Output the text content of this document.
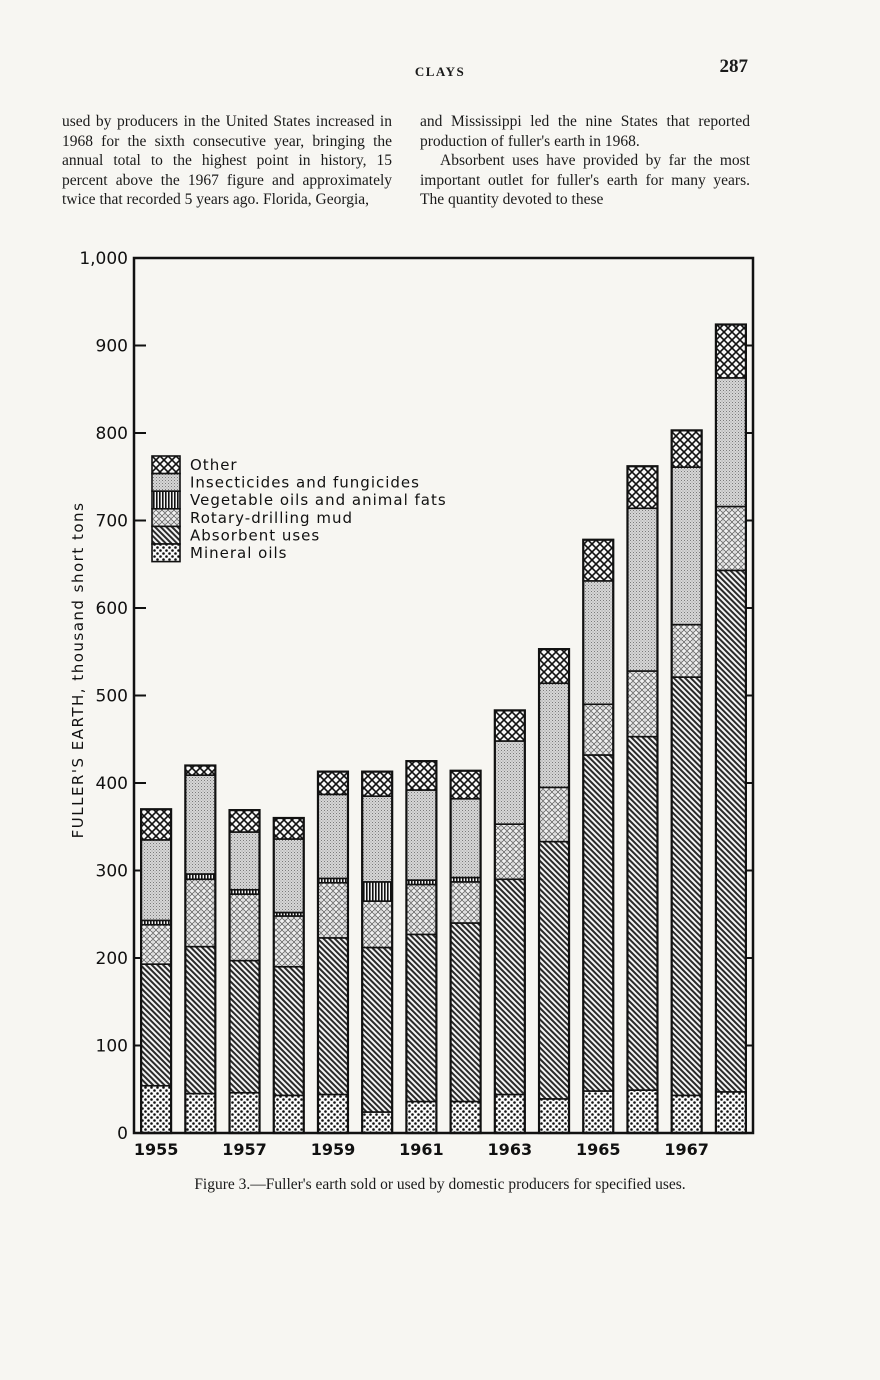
CLAYS	287

used by producers in the United States increased in 1968 for the sixth consecutive year, bringing the annual total to the highest point in history, 15 percent above the 1967 figure and approximately twice that recorded 5 years ago. Florida, Georgia,

and Mississippi led the nine States that reported production of fuller's earth in 1968.

Absorbent uses have provided by far the most important outlet for fuller's earth for many years. The quantity devoted to these

FULLER'S EARTH, thousand short tons
0
100
200
300
400
500
600
700
800
900
1,000
1955	1957	1959	1961	1963	1965	1967
Other
Insecticides and fungicides
Vegetable oils and animal fats
Rotary-drilling mud
Absorbent uses
Mineral oils
Figure 3.—Fuller's earth sold or used by domestic producers for specified uses.
